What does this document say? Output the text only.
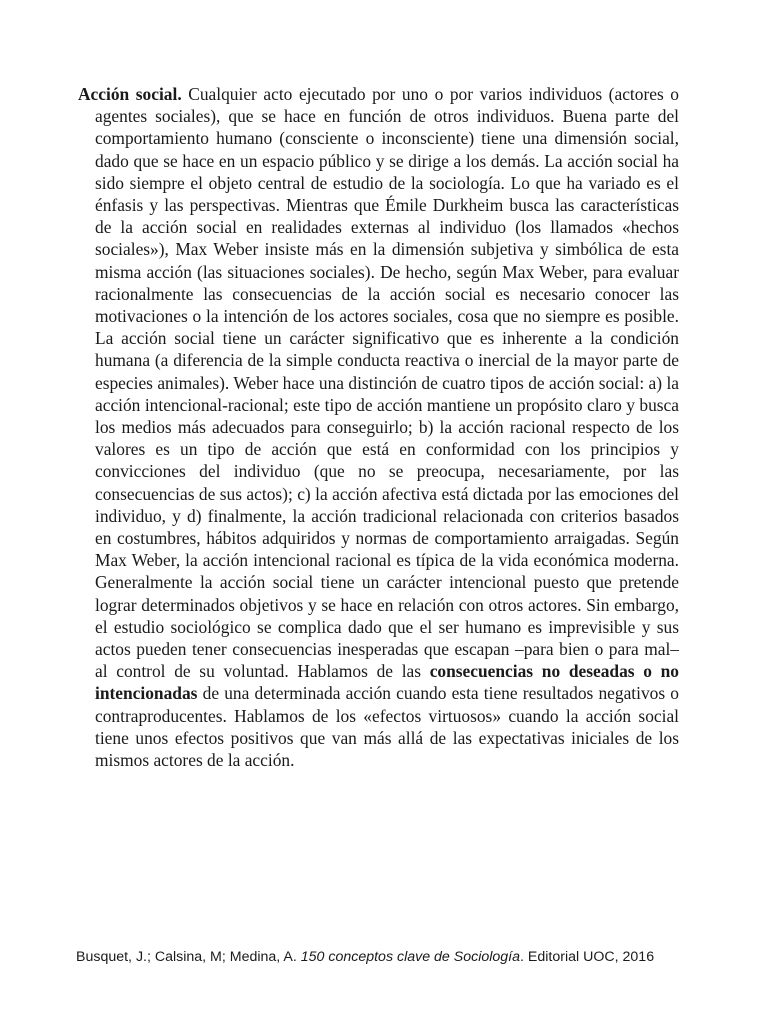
Acción social. Cualquier acto ejecutado por uno o por varios individuos (actores o agentes sociales), que se hace en función de otros individuos. Buena parte del comportamiento humano (consciente o inconsciente) tiene una dimensión social, dado que se hace en un espacio público y se dirige a los demás. La acción social ha sido siempre el objeto central de estudio de la sociología. Lo que ha variado es el énfasis y las perspectivas. Mientras que Émile Durkheim busca las características de la acción social en realidades externas al individuo (los llamados «hechos sociales»), Max Weber insiste más en la dimensión subjetiva y simbólica de esta misma acción (las situaciones sociales). De hecho, según Max Weber, para evaluar racionalmente las consecuencias de la acción social es necesario conocer las motivaciones o la intención de los actores sociales, cosa que no siempre es posible. La acción social tiene un carácter significativo que es inherente a la condición humana (a diferencia de la simple conducta reactiva o inercial de la mayor parte de especies animales). Weber hace una distinción de cuatro tipos de acción social: a) la acción intencional-racional; este tipo de acción mantiene un propósito claro y busca los medios más adecuados para conseguirlo; b) la acción racional respecto de los valores es un tipo de acción que está en conformidad con los principios y convicciones del individuo (que no se preocupa, necesariamente, por las consecuencias de sus actos); c) la acción afectiva está dictada por las emociones del individuo, y d) finalmente, la acción tradicional relacionada con criterios basados en costumbres, hábitos adquiridos y normas de comportamiento arraigadas. Según Max Weber, la acción intencional racional es típica de la vida económica moderna. Generalmente la acción social tiene un carácter intencional puesto que pretende lograr determinados objetivos y se hace en relación con otros actores. Sin embargo, el estudio sociológico se complica dado que el ser humano es imprevisible y sus actos pueden tener consecuencias inesperadas que escapan –para bien o para mal– al control de su voluntad. Hablamos de las consecuencias no deseadas o no intencionadas de una determinada acción cuando esta tiene resultados negativos o contraproducentes. Hablamos de los «efectos virtuosos» cuando la acción social tiene unos efectos positivos que van más allá de las expectativas iniciales de los mismos actores de la acción.

Busquet, J.; Calsina, M; Medina, A. 150 conceptos clave de Sociología. Editorial UOC, 2016
